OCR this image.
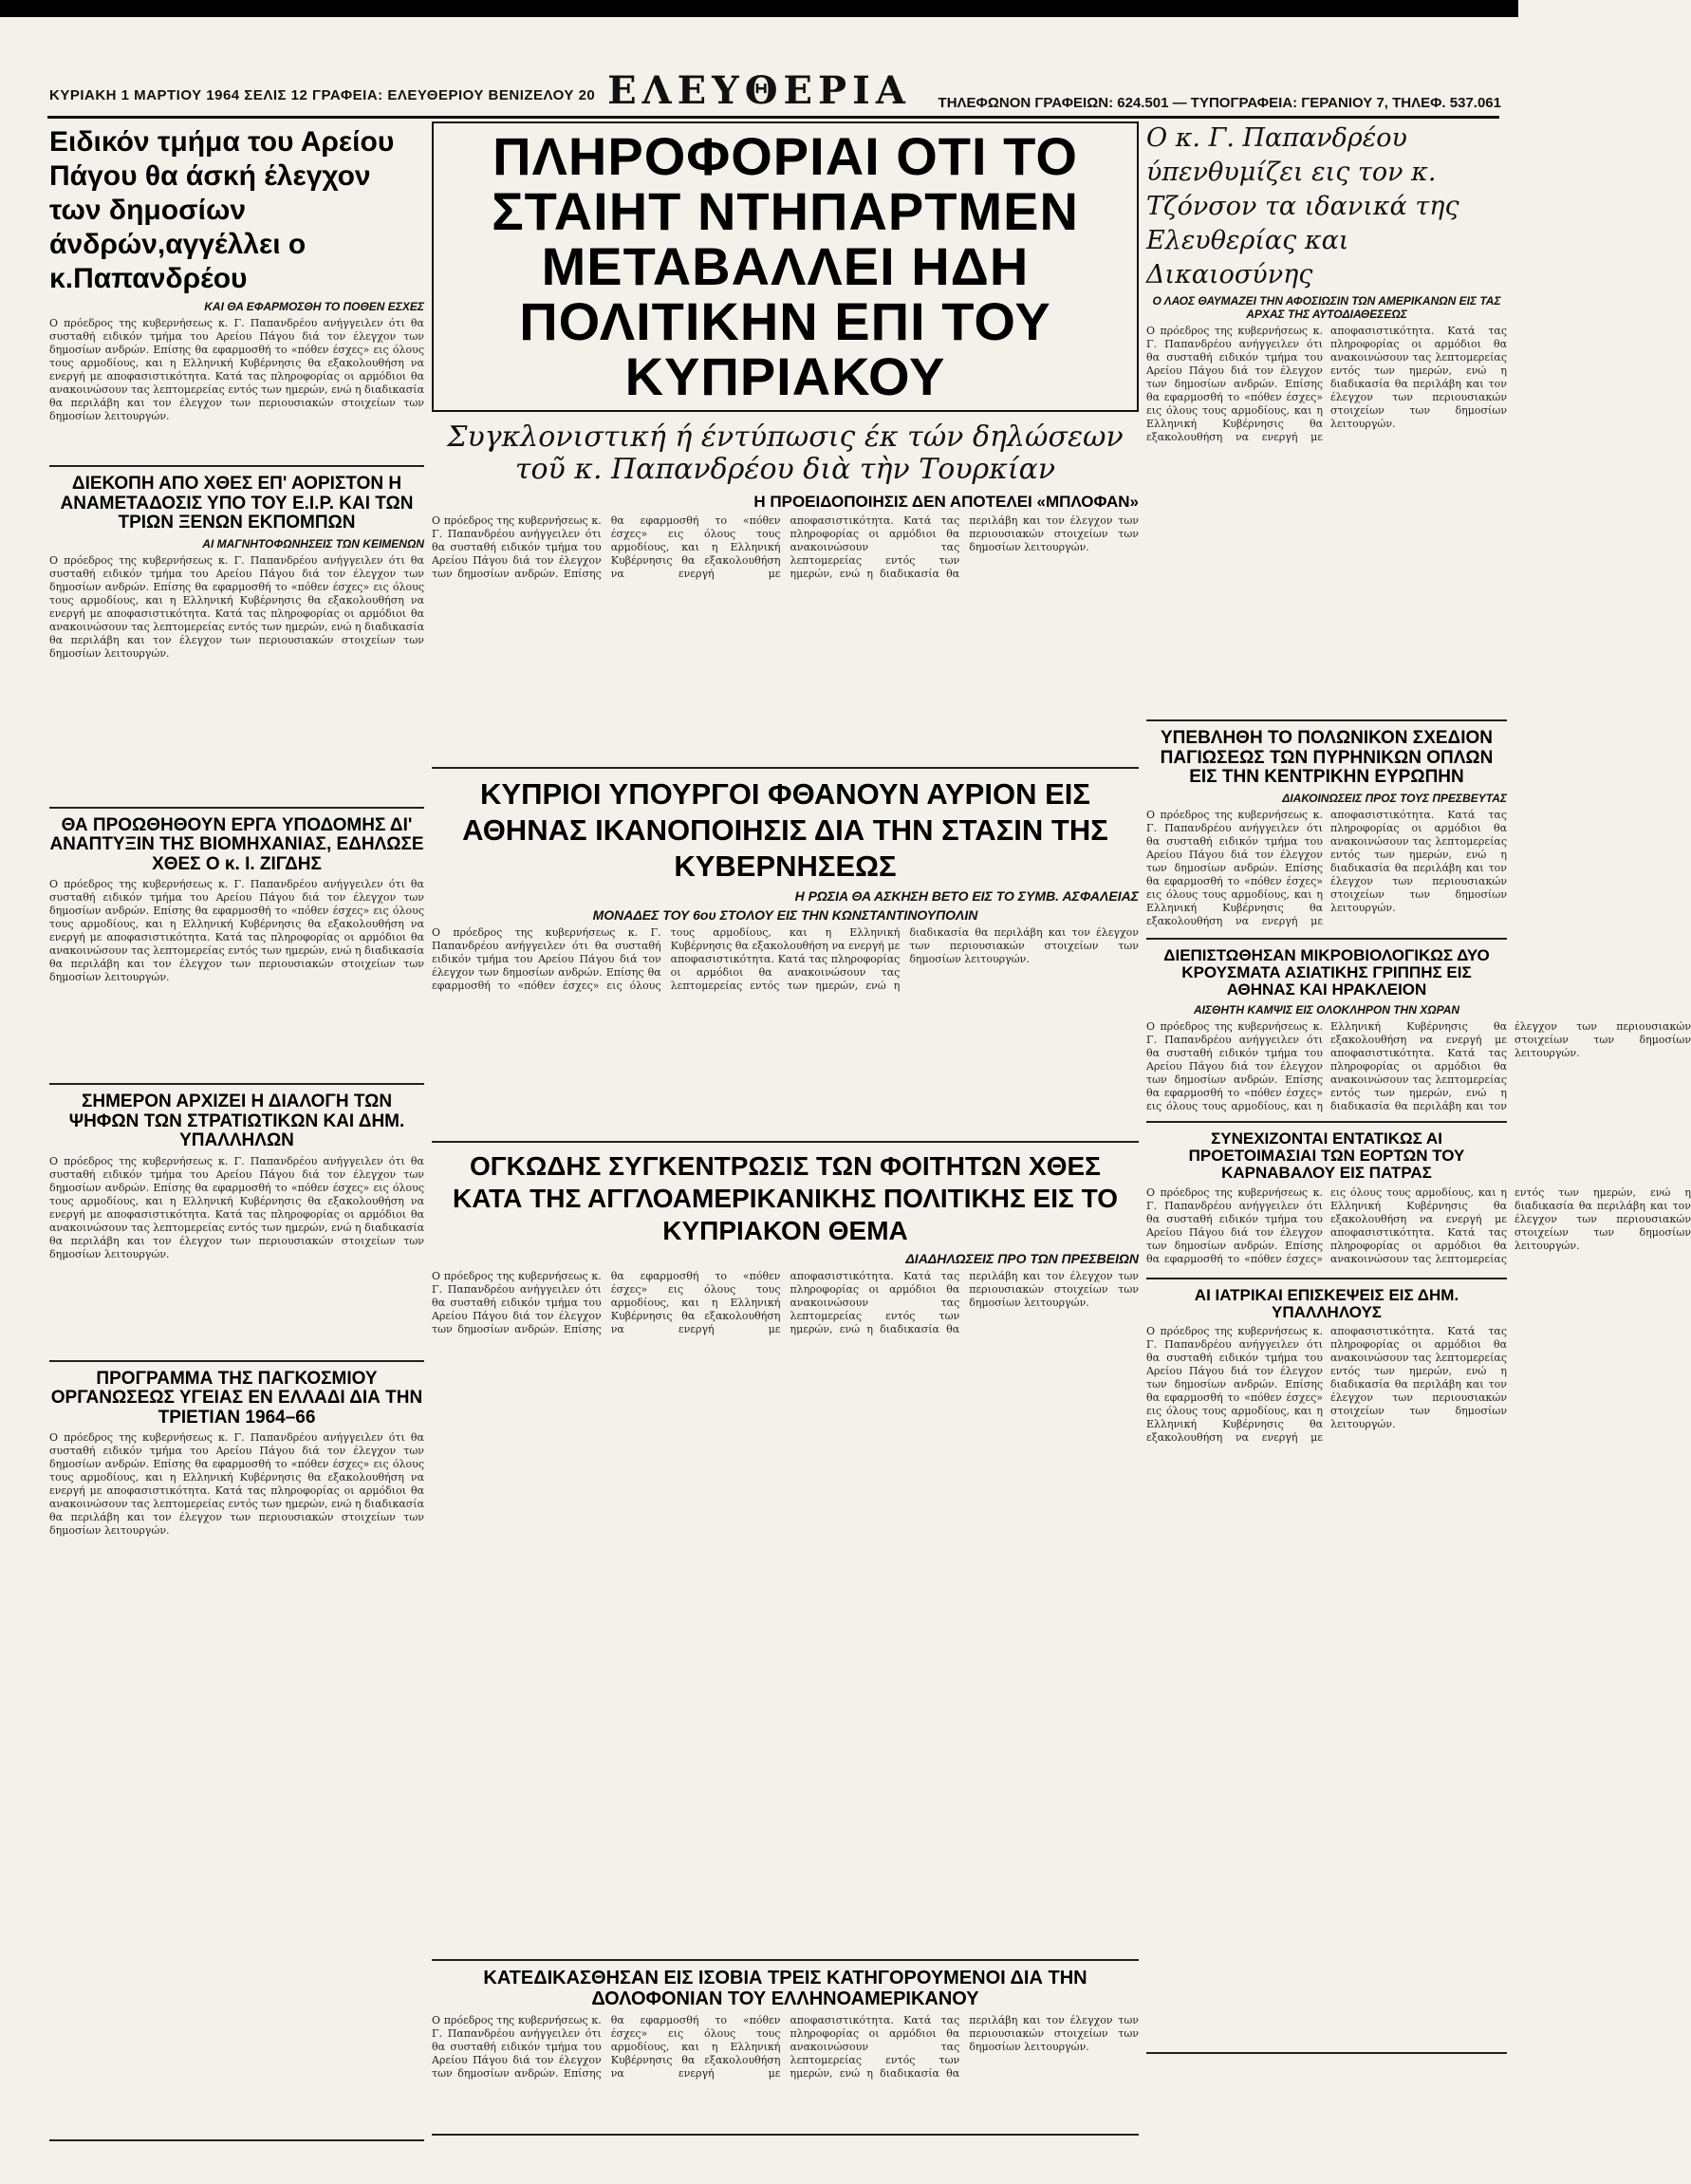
ΚΥΡΙΑΚΗ 1 ΜΑΡΤΙΟΥ 1964 ΣΕΛΙΣ 12 ΓΡΑΦΕΙΑ: ΕΛΕΥΘΕΡΙΟΥ ΒΕΝΙΖΕΛΟΥ 20 ΕΛΕΥΘΕΡΙΑ	ΤΗΛΕΦΩΝΟΝ ΓΡΑΦΕΙΩΝ: 624.501 — ΤΥΠΟΓΡΑΦΕΙΑ: ΓΕΡΑΝΙΟΥ 7, ΤΗΛΕΦ. 537.061
Ειδικόν τμήμα του Αρείου Πάγου θα άσκή έλεγχον των δημοσίων άνδρών,αγγέλλει ο κ.Παπανδρέου
ΚΑΙ ΘΑ ΕΦΑΡΜΟΣΘΗ ΤΟ ΠΟΘΕΝ ΕΣΧΕΣ

Ο πρόεδρος της κυβερνήσεως κ. Γ. Παπανδρέου ανήγγειλεν ότι θα συσταθή ειδικόν τμήμα του Αρείου Πάγου διά τον έλεγχον των δημοσίων ανδρών. Επίσης θα εφαρμοσθή το «πόθεν έσχες» εις όλους τους αρμοδίους, και η Ελληνική Κυβέρνησις θα εξακολουθήση να ενεργή με αποφασιστικότητα. Κατά τας πληροφορίας οι αρμόδιοι θα ανακοινώσουν τας λεπτομερείας εντός των ημερών, ενώ η διαδικασία θα περιλάβη και τον έλεγχον των περιουσιακών στοιχείων των δημοσίων λειτουργών.

ΔΙΕΚΟΠΗ ΑΠΟ ΧΘΕΣ ΕΠ' ΑΟΡΙΣΤΟΝ Η ΑΝΑΜΕΤΑΔΟΣΙΣ ΥΠΟ ΤΟΥ Ε.Ι.Ρ. ΚΑΙ ΤΩΝ ΤΡΙΩΝ ΞΕΝΩΝ ΕΚΠΟΜΠΩΝ
ΑΙ ΜΑΓΝΗΤΟΦΩΝΗΣΕΙΣ ΤΩΝ ΚΕΙΜΕΝΩΝ

Ο πρόεδρος της κυβερνήσεως κ. Γ. Παπανδρέου ανήγγειλεν ότι θα συσταθή ειδικόν τμήμα του Αρείου Πάγου διά τον έλεγχον των δημοσίων ανδρών. Επίσης θα εφαρμοσθή το «πόθεν έσχες» εις όλους τους αρμοδίους, και η Ελληνική Κυβέρνησις θα εξακολουθήση να ενεργή με αποφασιστικότητα. Κατά τας πληροφορίας οι αρμόδιοι θα ανακοινώσουν τας λεπτομερείας εντός των ημερών, ενώ η διαδικασία θα περιλάβη και τον έλεγχον των περιουσιακών στοιχείων των δημοσίων λειτουργών.

ΘΑ ΠΡΟΩΘΗΘΟΥΝ ΕΡΓΑ ΥΠΟΔΟΜΗΣ ΔΙ' ΑΝΑΠΤΥΞΙΝ ΤΗΣ ΒΙΟΜΗΧΑΝΙΑΣ, ΕΔΗΛΩΣΕ ΧΘΕΣ Ο κ. Ι. ΖΙΓΔΗΣ

Ο πρόεδρος της κυβερνήσεως κ. Γ. Παπανδρέου ανήγγειλεν ότι θα συσταθή ειδικόν τμήμα του Αρείου Πάγου διά τον έλεγχον των δημοσίων ανδρών. Επίσης θα εφαρμοσθή το «πόθεν έσχες» εις όλους τους αρμοδίους, και η Ελληνική Κυβέρνησις θα εξακολουθήση να ενεργή με αποφασιστικότητα. Κατά τας πληροφορίας οι αρμόδιοι θα ανακοινώσουν τας λεπτομερείας εντός των ημερών, ενώ η διαδικασία θα περιλάβη και τον έλεγχον των περιουσιακών στοιχείων των δημοσίων λειτουργών.

ΣΗΜΕΡΟΝ ΑΡΧΙΖΕΙ Η ΔΙΑΛΟΓΗ ΤΩΝ ΨΗΦΩΝ ΤΩΝ ΣΤΡΑΤΙΩΤΙΚΩΝ ΚΑΙ ΔΗΜ. ΥΠΑΛΛΗΛΩΝ

Ο πρόεδρος της κυβερνήσεως κ. Γ. Παπανδρέου ανήγγειλεν ότι θα συσταθή ειδικόν τμήμα του Αρείου Πάγου διά τον έλεγχον των δημοσίων ανδρών. Επίσης θα εφαρμοσθή το «πόθεν έσχες» εις όλους τους αρμοδίους, και η Ελληνική Κυβέρνησις θα εξακολουθήση να ενεργή με αποφασιστικότητα. Κατά τας πληροφορίας οι αρμόδιοι θα ανακοινώσουν τας λεπτομερείας εντός των ημερών, ενώ η διαδικασία θα περιλάβη και τον έλεγχον των περιουσιακών στοιχείων των δημοσίων λειτουργών.

ΠΡΟΓΡΑΜΜΑ ΤΗΣ ΠΑΓΚΟΣΜΙΟΥ ΟΡΓΑΝΩΣΕΩΣ ΥΓΕΙΑΣ ΕΝ ΕΛΛΑΔΙ ΔΙΑ ΤΗΝ ΤΡΙΕΤΙΑΝ 1964–66

Ο πρόεδρος της κυβερνήσεως κ. Γ. Παπανδρέου ανήγγειλεν ότι θα συσταθή ειδικόν τμήμα του Αρείου Πάγου διά τον έλεγχον των δημοσίων ανδρών. Επίσης θα εφαρμοσθή το «πόθεν έσχες» εις όλους τους αρμοδίους, και η Ελληνική Κυβέρνησις θα εξακολουθήση να ενεργή με αποφασιστικότητα. Κατά τας πληροφορίας οι αρμόδιοι θα ανακοινώσουν τας λεπτομερείας εντός των ημερών, ενώ η διαδικασία θα περιλάβη και τον έλεγχον των περιουσιακών στοιχείων των δημοσίων λειτουργών.

ΠΛΗΡΟΦΟΡΙΑΙ ΟΤΙ ΤΟ ΣΤΑΙΗΤ ΝΤΗΠΑΡΤΜΕΝ ΜΕΤΑΒΑΛΛΕΙ ΗΔΗ ΠΟΛΙΤΙΚΗΝ ΕΠΙ ΤΟΥ ΚΥΠΡΙΑΚΟΥ
Συγκλονιστική ή έντύπωσις έκ τών δηλώσεων τοῦ κ. Παπανδρέου διὰ τὴν Τουρκίαν
Η ΠΡΟΕΙΔΟΠΟΙΗΣΙΣ ΔΕΝ ΑΠΟΤΕΛΕΙ «ΜΠΛΟΦΑΝ»

Ο πρόεδρος της κυβερνήσεως κ. Γ. Παπανδρέου ανήγγειλεν ότι θα συσταθή ειδικόν τμήμα του Αρείου Πάγου διά τον έλεγχον των δημοσίων ανδρών. Επίσης θα εφαρμοσθή το «πόθεν έσχες» εις όλους τους αρμοδίους, και η Ελληνική Κυβέρνησις θα εξακολουθήση να ενεργή με αποφασιστικότητα. Κατά τας πληροφορίας οι αρμόδιοι θα ανακοινώσουν τας λεπτομερείας εντός των ημερών, ενώ η διαδικασία θα περιλάβη και τον έλεγχον των περιουσιακών στοιχείων των δημοσίων λειτουργών.

ΚΥΠΡΙΟΙ ΥΠΟΥΡΓΟΙ ΦΘΑΝΟΥΝ ΑΥΡΙΟΝ ΕΙΣ ΑΘΗΝΑΣ ΙΚΑΝΟΠΟΙΗΣΙΣ ΔΙΑ ΤΗΝ ΣΤΑΣΙΝ ΤΗΣ ΚΥΒΕΡΝΗΣΕΩΣ
Η ΡΩΣΙΑ ΘΑ ΑΣΚΗΣΗ ΒΕΤΟ ΕΙΣ ΤΟ ΣΥΜΒ. ΑΣΦΑΛΕΙΑΣ
ΜΟΝΑΔΕΣ ΤΟΥ 6ου ΣΤΟΛΟΥ ΕΙΣ ΤΗΝ ΚΩΝΣΤΑΝΤΙΝΟΥΠΟΛΙΝ

Ο πρόεδρος της κυβερνήσεως κ. Γ. Παπανδρέου ανήγγειλεν ότι θα συσταθή ειδικόν τμήμα του Αρείου Πάγου διά τον έλεγχον των δημοσίων ανδρών. Επίσης θα εφαρμοσθή το «πόθεν έσχες» εις όλους τους αρμοδίους, και η Ελληνική Κυβέρνησις θα εξακολουθήση να ενεργή με αποφασιστικότητα. Κατά τας πληροφορίας οι αρμόδιοι θα ανακοινώσουν τας λεπτομερείας εντός των ημερών, ενώ η διαδικασία θα περιλάβη και τον έλεγχον των περιουσιακών στοιχείων των δημοσίων λειτουργών.

ΟΓΚΩΔΗΣ ΣΥΓΚΕΝΤΡΩΣΙΣ ΤΩΝ ΦΟΙΤΗΤΩΝ ΧΘΕΣ ΚΑΤΑ ΤΗΣ ΑΓΓΛΟΑΜΕΡΙΚΑΝΙΚΗΣ ΠΟΛΙΤΙΚΗΣ ΕΙΣ ΤΟ ΚΥΠΡΙΑΚΟΝ ΘΕΜΑ
ΔΙΑΔΗΛΩΣΕΙΣ ΠΡΟ ΤΩΝ ΠΡΕΣΒΕΙΩΝ

Ο πρόεδρος της κυβερνήσεως κ. Γ. Παπανδρέου ανήγγειλεν ότι θα συσταθή ειδικόν τμήμα του Αρείου Πάγου διά τον έλεγχον των δημοσίων ανδρών. Επίσης θα εφαρμοσθή το «πόθεν έσχες» εις όλους τους αρμοδίους, και η Ελληνική Κυβέρνησις θα εξακολουθήση να ενεργή με αποφασιστικότητα. Κατά τας πληροφορίας οι αρμόδιοι θα ανακοινώσουν τας λεπτομερείας εντός των ημερών, ενώ η διαδικασία θα περιλάβη και τον έλεγχον των περιουσιακών στοιχείων των δημοσίων λειτουργών.

ΚΑΤΕΔΙΚΑΣΘΗΣΑΝ ΕΙΣ ΙΣΟΒΙΑ ΤΡΕΙΣ ΚΑΤΗΓΟΡΟΥΜΕΝΟΙ ΔΙΑ ΤΗΝ ΔΟΛΟΦΟΝΙΑΝ ΤΟΥ ΕΛΛΗΝΟΑΜΕΡΙΚΑΝΟΥ

Ο πρόεδρος της κυβερνήσεως κ. Γ. Παπανδρέου ανήγγειλεν ότι θα συσταθή ειδικόν τμήμα του Αρείου Πάγου διά τον έλεγχον των δημοσίων ανδρών. Επίσης θα εφαρμοσθή το «πόθεν έσχες» εις όλους τους αρμοδίους, και η Ελληνική Κυβέρνησις θα εξακολουθήση να ενεργή με αποφασιστικότητα. Κατά τας πληροφορίας οι αρμόδιοι θα ανακοινώσουν τας λεπτομερείας εντός των ημερών, ενώ η διαδικασία θα περιλάβη και τον έλεγχον των περιουσιακών στοιχείων των δημοσίων λειτουργών.

Ο κ. Γ. Παπανδρέου ύπενθυμίζει εις τον κ. Τζόνσον τα ιδανικά της Ελευθερίας και Δικαιοσύνης
Ο ΛΑΟΣ ΘΑΥΜΑΖΕΙ ΤΗΝ ΑΦΟΣΙΩΣΙΝ ΤΩΝ ΑΜΕΡΙΚΑΝΩΝ ΕΙΣ ΤΑΣ ΑΡΧΑΣ ΤΗΣ ΑΥΤΟΔΙΑΘΕΣΕΩΣ

Ο πρόεδρος της κυβερνήσεως κ. Γ. Παπανδρέου ανήγγειλεν ότι θα συσταθή ειδικόν τμήμα του Αρείου Πάγου διά τον έλεγχον των δημοσίων ανδρών. Επίσης θα εφαρμοσθή το «πόθεν έσχες» εις όλους τους αρμοδίους, και η Ελληνική Κυβέρνησις θα εξακολουθήση να ενεργή με αποφασιστικότητα. Κατά τας πληροφορίας οι αρμόδιοι θα ανακοινώσουν τας λεπτομερείας εντός των ημερών, ενώ η διαδικασία θα περιλάβη και τον έλεγχον των περιουσιακών στοιχείων των δημοσίων λειτουργών.

ΥΠΕΒΛΗΘΗ ΤΟ ΠΟΛΩΝΙΚΟΝ ΣΧΕΔΙΟΝ ΠΑΓΙΩΣΕΩΣ ΤΩΝ ΠΥΡΗΝΙΚΩΝ ΟΠΛΩΝ ΕΙΣ ΤΗΝ ΚΕΝΤΡΙΚΗΝ ΕΥΡΩΠΗΝ
ΔΙΑΚΟΙΝΩΣΕΙΣ ΠΡΟΣ ΤΟΥΣ ΠΡΕΣΒΕΥΤΑΣ

Ο πρόεδρος της κυβερνήσεως κ. Γ. Παπανδρέου ανήγγειλεν ότι θα συσταθή ειδικόν τμήμα του Αρείου Πάγου διά τον έλεγχον των δημοσίων ανδρών. Επίσης θα εφαρμοσθή το «πόθεν έσχες» εις όλους τους αρμοδίους, και η Ελληνική Κυβέρνησις θα εξακολουθήση να ενεργή με αποφασιστικότητα. Κατά τας πληροφορίας οι αρμόδιοι θα ανακοινώσουν τας λεπτομερείας εντός των ημερών, ενώ η διαδικασία θα περιλάβη και τον έλεγχον των περιουσιακών στοιχείων των δημοσίων λειτουργών.

ΔΙΕΠΙΣΤΩΘΗΣΑΝ ΜΙΚΡΟΒΙΟΛΟΓΙΚΩΣ ΔΥΟ ΚΡΟΥΣΜΑΤΑ ΑΣΙΑΤΙΚΗΣ ΓΡΙΠΠΗΣ ΕΙΣ ΑΘΗΝΑΣ ΚΑΙ ΗΡΑΚΛΕΙΟΝ
ΑΙΣΘΗΤΗ ΚΑΜΨΙΣ ΕΙΣ ΟΛΟΚΛΗΡΟΝ ΤΗΝ ΧΩΡΑΝ

Ο πρόεδρος της κυβερνήσεως κ. Γ. Παπανδρέου ανήγγειλεν ότι θα συσταθή ειδικόν τμήμα του Αρείου Πάγου διά τον έλεγχον των δημοσίων ανδρών. Επίσης θα εφαρμοσθή το «πόθεν έσχες» εις όλους τους αρμοδίους, και η Ελληνική Κυβέρνησις θα εξακολουθήση να ενεργή με αποφασιστικότητα. Κατά τας πληροφορίας οι αρμόδιοι θα ανακοινώσουν τας λεπτομερείας εντός των ημερών, ενώ η διαδικασία θα περιλάβη και τον έλεγχον των περιουσιακών στοιχείων των δημοσίων λειτουργών.

ΣΥΝΕΧΙΖΟΝΤΑΙ ΕΝΤΑΤΙΚΩΣ ΑΙ ΠΡΟΕΤΟΙΜΑΣΙΑΙ ΤΩΝ ΕΟΡΤΩΝ ΤΟΥ ΚΑΡΝΑΒΑΛΟΥ ΕΙΣ ΠΑΤΡΑΣ

Ο πρόεδρος της κυβερνήσεως κ. Γ. Παπανδρέου ανήγγειλεν ότι θα συσταθή ειδικόν τμήμα του Αρείου Πάγου διά τον έλεγχον των δημοσίων ανδρών. Επίσης θα εφαρμοσθή το «πόθεν έσχες» εις όλους τους αρμοδίους, και η Ελληνική Κυβέρνησις θα εξακολουθήση να ενεργή με αποφασιστικότητα. Κατά τας πληροφορίας οι αρμόδιοι θα ανακοινώσουν τας λεπτομερείας εντός των ημερών, ενώ η διαδικασία θα περιλάβη και τον έλεγχον των περιουσιακών στοιχείων των δημοσίων λειτουργών.

ΑΙ ΙΑΤΡΙΚΑΙ ΕΠΙΣΚΕΨΕΙΣ ΕΙΣ ΔΗΜ. ΥΠΑΛΛΗΛΟΥΣ

Ο πρόεδρος της κυβερνήσεως κ. Γ. Παπανδρέου ανήγγειλεν ότι θα συσταθή ειδικόν τμήμα του Αρείου Πάγου διά τον έλεγχον των δημοσίων ανδρών. Επίσης θα εφαρμοσθή το «πόθεν έσχες» εις όλους τους αρμοδίους, και η Ελληνική Κυβέρνησις θα εξακολουθήση να ενεργή με αποφασιστικότητα. Κατά τας πληροφορίας οι αρμόδιοι θα ανακοινώσουν τας λεπτομερείας εντός των ημερών, ενώ η διαδικασία θα περιλάβη και τον έλεγχον των περιουσιακών στοιχείων των δημοσίων λειτουργών.
